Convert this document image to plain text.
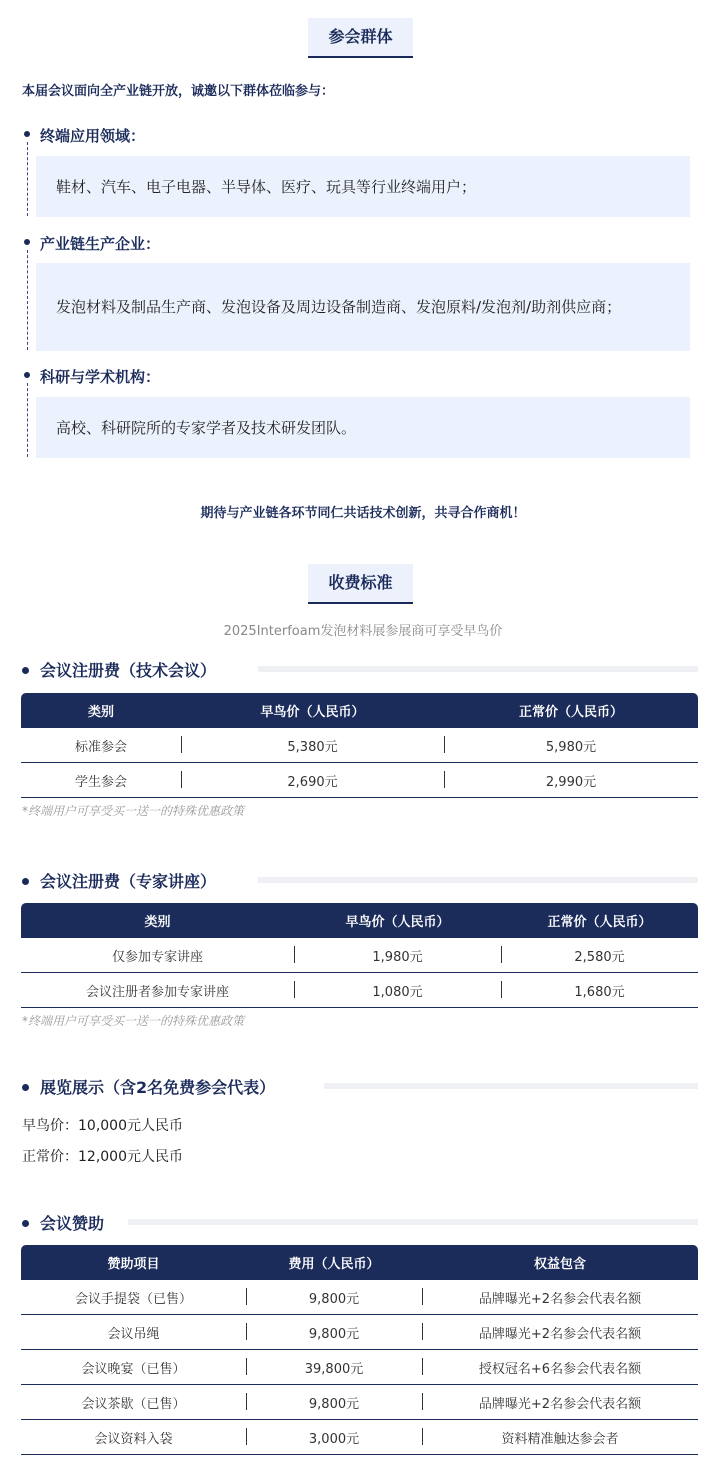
参会群体
本届会议面向全产业链开放，诚邀以下群体莅临参与：
终端应用领域：
鞋材、汽车、电子电器、半导体、医疗、玩具等行业终端用户；
产业链生产企业：
发泡材料及制品生产商、发泡设备及周边设备制造商、发泡原料/发泡剂/助剂供应商；
科研与学术机构：
高校、科研院所的专家学者及技术研发团队。
期待与产业链各环节同仁共话技术创新，共寻合作商机！
收费标准
2025Interfoam发泡材料展参展商可享受早鸟价
会议注册费（技术会议）
类别	早鸟价（人民币）	正常价（人民币）
标准参会	5,380元	5,980元
学生参会	2,690元	2,990元
*终端用户可享受买一送一的特殊优惠政策
会议注册费（专家讲座）
类别	早鸟价（人民币）	正常价（人民币）
仅参加专家讲座	1,980元	2,580元
会议注册者参加专家讲座	1,080元	1,680元
*终端用户可享受买一送一的特殊优惠政策
展览展示（含2名免费参会代表）
早鸟价：10,000元人民币
正常价：12,000元人民币
会议赞助
赞助项目	费用（人民币）	权益包含
会议手提袋（已售）	9,800元	品牌曝光+2名参会代表名额
会议吊绳	9,800元	品牌曝光+2名参会代表名额
会议晚宴（已售）	39,800元	授权冠名+6名参会代表名额
会议茶歇（已售）	9,800元	品牌曝光+2名参会代表名额
会议资料入袋	3,000元	资料精准触达参会者
